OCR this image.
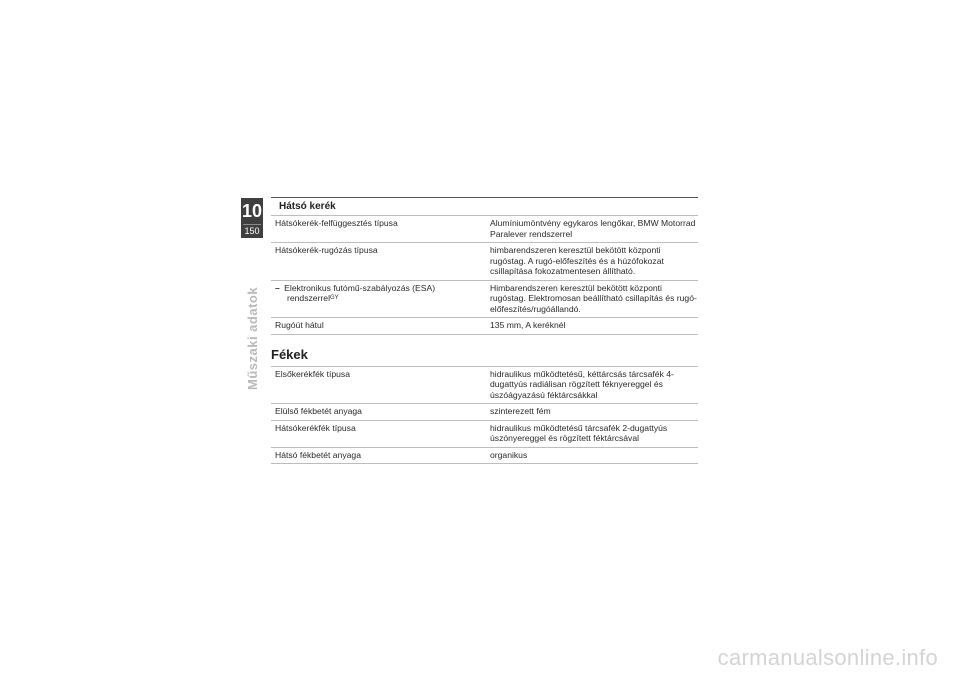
10
150
Műszaki adatok
Hátsó kerék
Hátsókerék-felfüggesztés típusa	Alumíniumöntvény egykaros lengőkar, BMW Motorrad Paralever rendszerrel
Hátsókerék-rugózás típusa	himbarendszeren keresztül bekötött központi rugóstag. A rugó-előfeszítés és a húzófokozat csillapítása fokozatmentesen állítható.
– Elektronikus futómű-szabályozás (ESA) rendszerrel$^{GY}$	Himbarendszeren keresztül bekötött központi rugóstag. Elektromosan beállítható csillapítás és rugó-előfeszítés/rugóállandó.
Rugóút hátul	135 mm, A keréknél
Fékek
Elsőkerékfék típusa	hidraulikus működtetésű, kéttárcsás tárcsafék 4-dugattyús radiálisan rögzített féknyereggel és úszóágyazású féktárcsákkal
Elülső fékbetét anyaga	szinterezett fém
Hátsókerékfék típusa	hidraulikus működtetésű tárcsafék 2-dugattyús úszónyereggel és rögzített féktárcsával
Hátsó fékbetét anyaga	organikus
carmanualsonline.info
